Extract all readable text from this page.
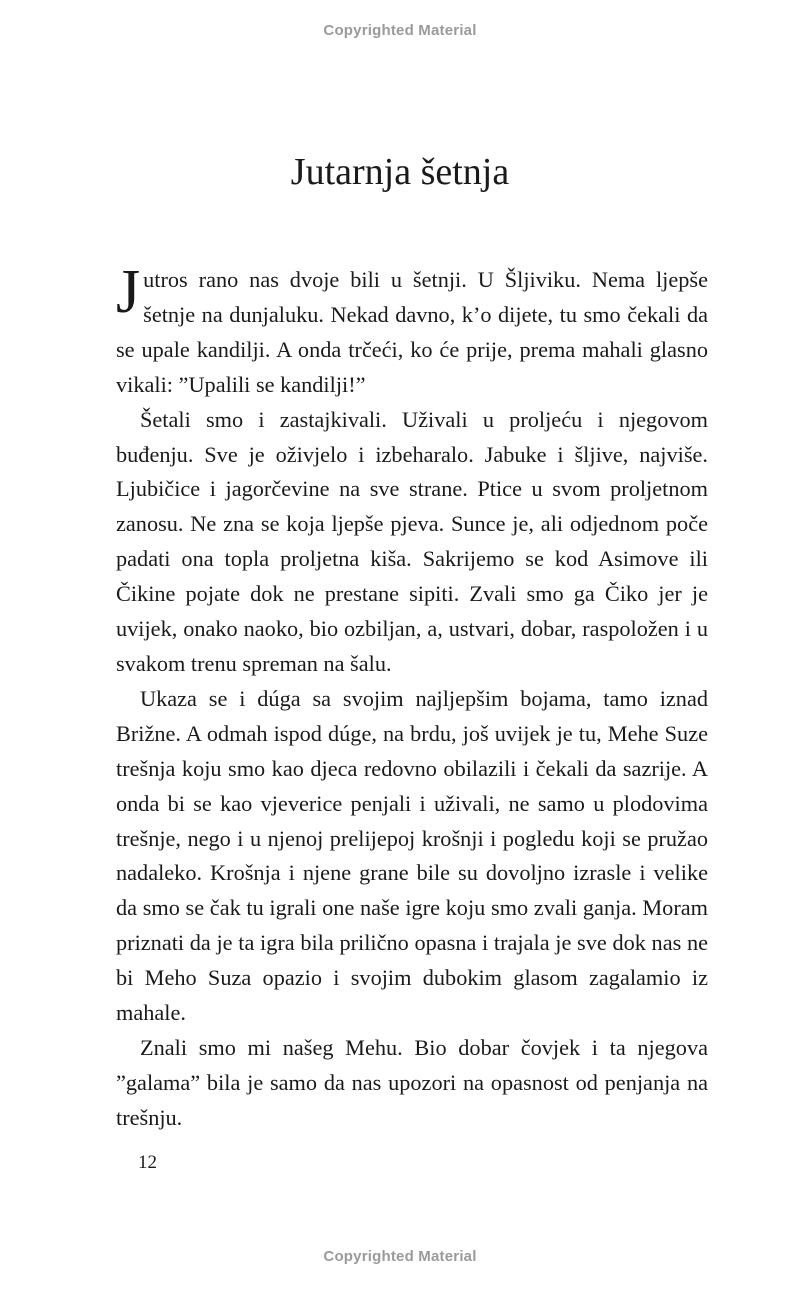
Copyrighted Material
Jutarnja šetnja

Jutros rano nas dvoje bili u šetnji. U Šljiviku. Nema ljepše šetnje na dunjaluku. Nekad davno, k’o dijete, tu smo čekali da se upale kandilji. A onda trčeći, ko će prije, prema mahali glasno vikali: ”Upalili se kandilji!”

Šetali smo i zastajkivali. Uživali u proljeću i njegovom buđenju. Sve je oživjelo i izbeharalo. Jabuke i šljive, najviše. Ljubičice i jagorčevine na sve strane. Ptice u svom proljetnom zanosu. Ne zna se koja ljepše pjeva. Sunce je, ali odjednom poče padati ona topla proljetna kiša. Sakrijemo se kod Asimove ili Čikine pojate dok ne prestane sipiti. Zvali smo ga Čiko jer je uvijek, onako naoko, bio ozbiljan, a, ustvari, dobar, raspoložen i u svakom trenu spreman na šalu.

Ukaza se i dúga sa svojim najljepšim bojama, tamo iznad Brižne. A odmah ispod dúge, na brdu, još uvijek je tu, Mehe Suze trešnja koju smo kao djeca redovno obilazili i čekali da sazrije. A onda bi se kao vjeverice penjali i uživali, ne samo u plodovima trešnje, nego i u njenoj prelijepoj krošnji i pogledu koji se pružao nadaleko. Krošnja i njene grane bile su dovoljno izrasle i velike da smo se čak tu igrali one naše igre koju smo zvali ganja. Moram priznati da je ta igra bila prilično opasna i trajala je sve dok nas ne bi Meho Suza opazio i svojim dubokim glasom zagalamio iz mahale.

Znali smo mi našeg Mehu. Bio dobar čovjek i ta njegova ”galama” bila je samo da nas upozori na opasnost od penjanja na trešnju.

12
Copyrighted Material
